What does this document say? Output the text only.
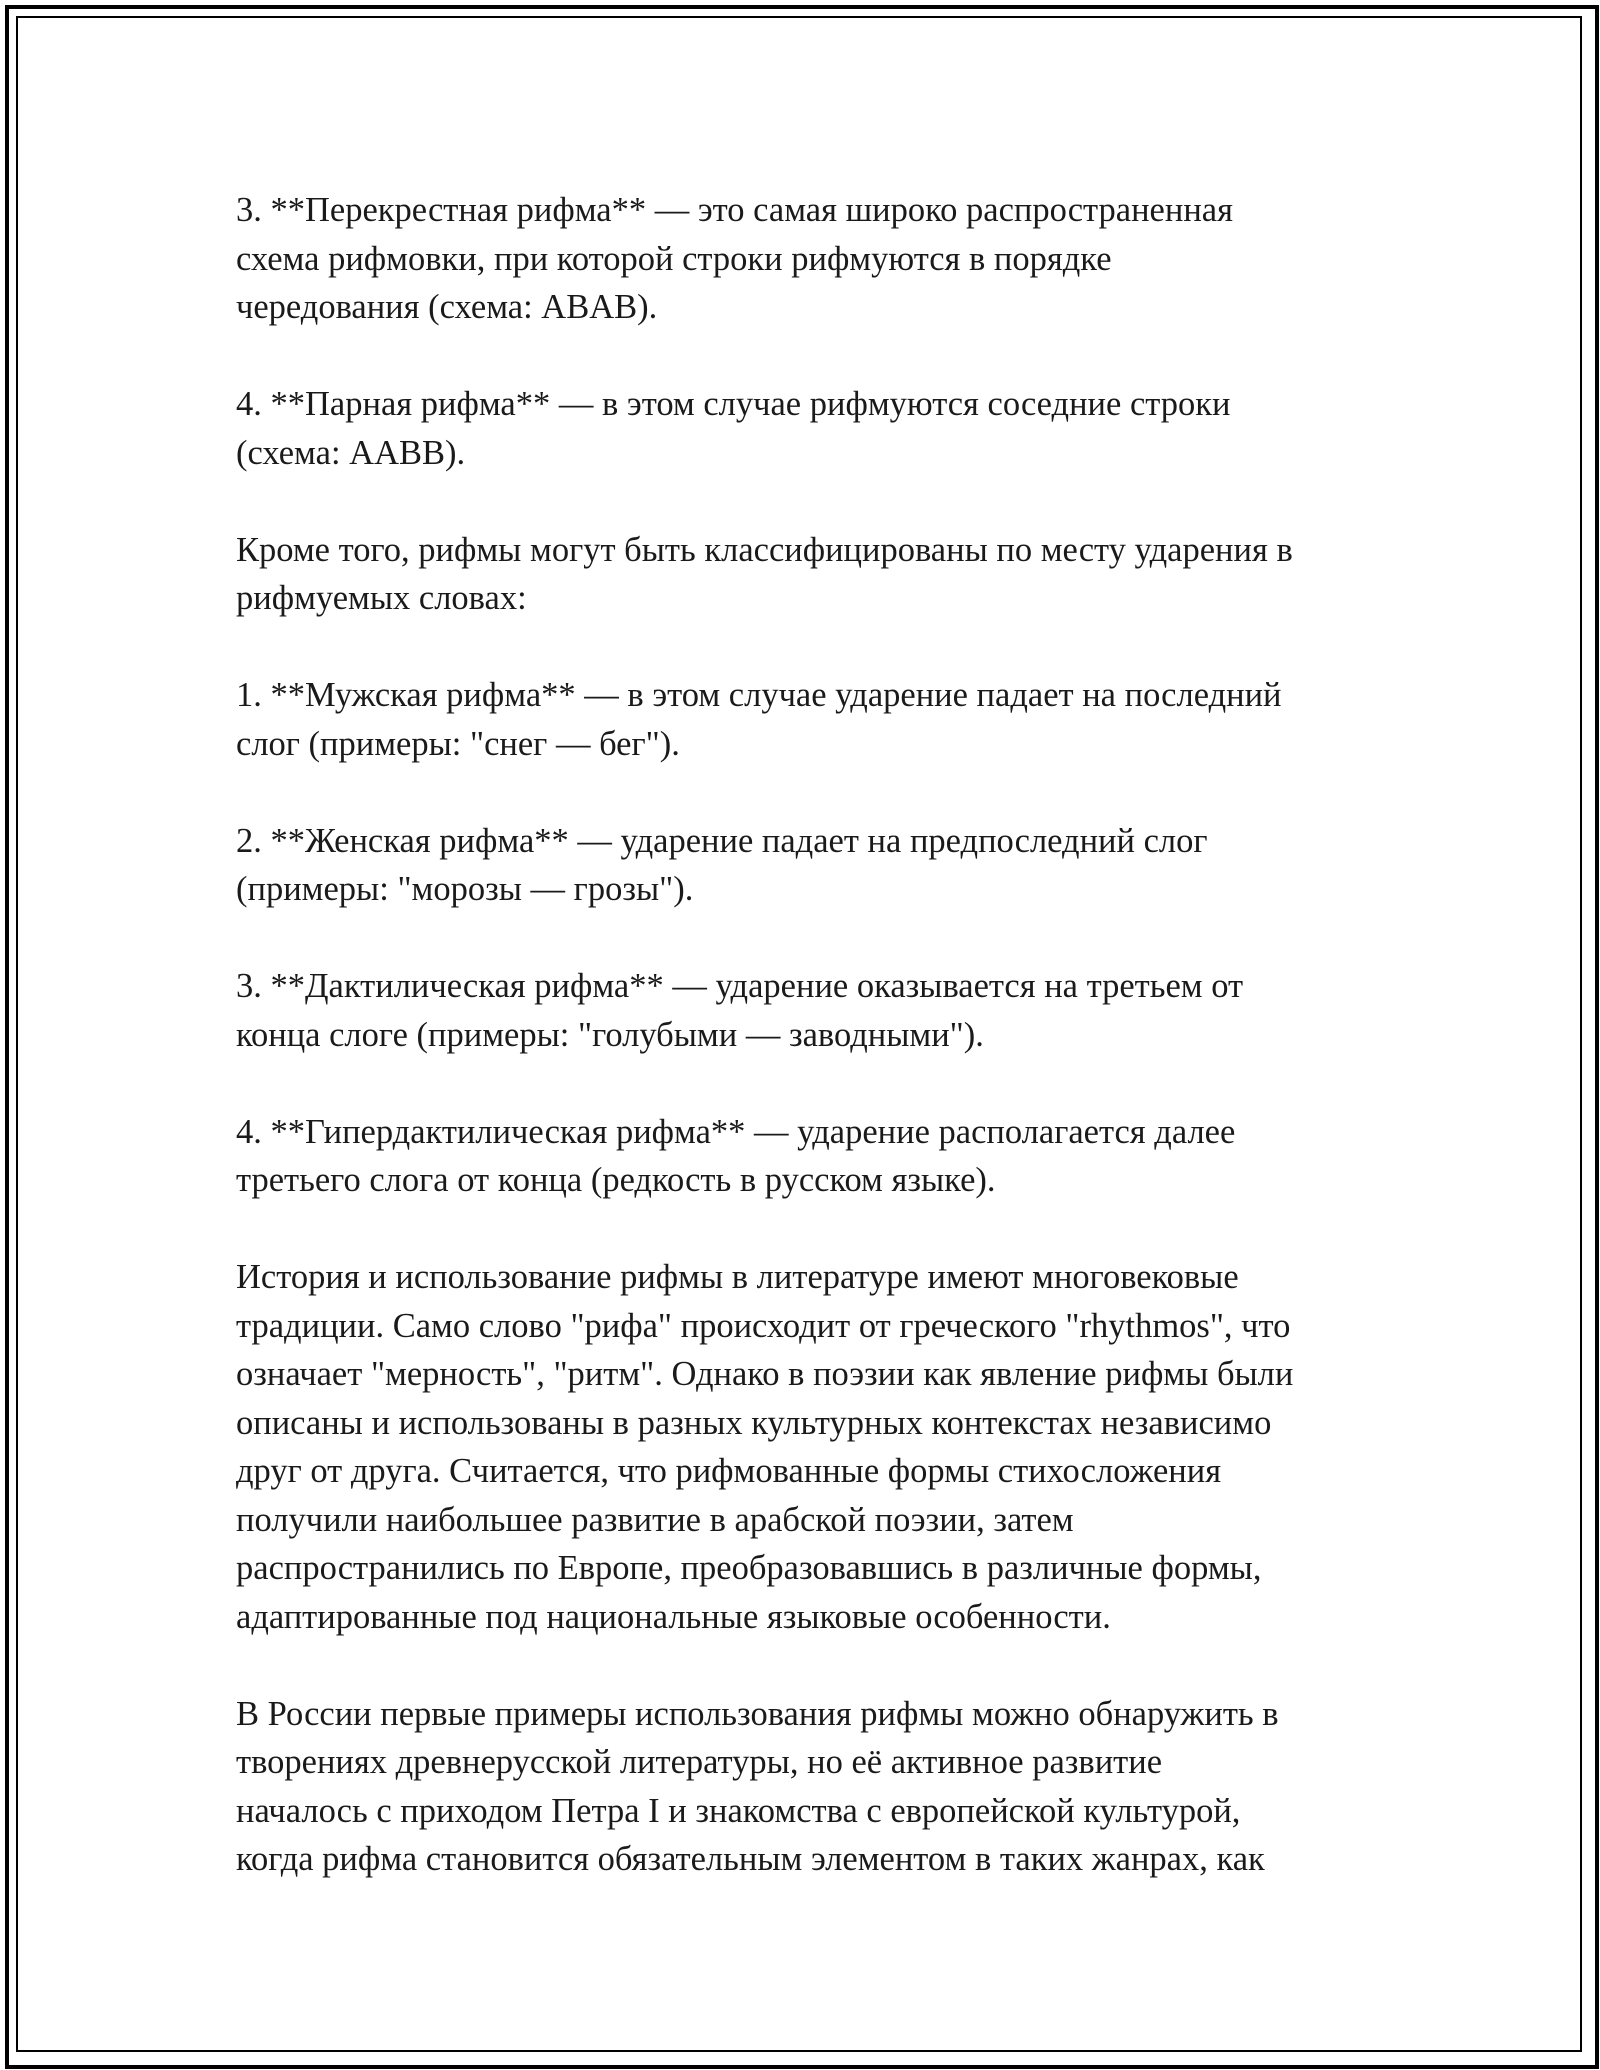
3. **Перекрестная рифма** — это самая широко распространенная
схема рифмовки, при которой строки рифмуются в порядке
чередования (схема: ABAB).

4. **Парная рифма** — в этом случае рифмуются соседние строки
(схема: AABB).

Кроме того, рифмы могут быть классифицированы по месту ударения в
рифмуемых словах:

1. **Мужская рифма** — в этом случае ударение падает на последний
слог (примеры: "снег — бег").

2. **Женская рифма** — ударение падает на предпоследний слог
(примеры: "морозы — грозы").

3. **Дактилическая рифма** — ударение оказывается на третьем от
конца слоге (примеры: "голубыми — заводными").

4. **Гипердактилическая рифма** — ударение располагается далее
третьего слога от конца (редкость в русском языке).

История и использование рифмы в литературе имеют многовековые
традиции. Само слово "рифа" происходит от греческого "rhythmos", что
означает "мерность", "ритм". Однако в поэзии как явление рифмы были
описаны и использованы в разных культурных контекстах независимо
друг от друга. Считается, что рифмованные формы стихосложения
получили наибольшее развитие в арабской поэзии, затем
распространились по Европе, преобразовавшись в различные формы,
адаптированные под национальные языковые особенности.

В России первые примеры использования рифмы можно обнаружить в
творениях древнерусской литературы, но её активное развитие
началось с приходом Петра I и знакомства с европейской культурой,
когда рифма становится обязательным элементом в таких жанрах, как
